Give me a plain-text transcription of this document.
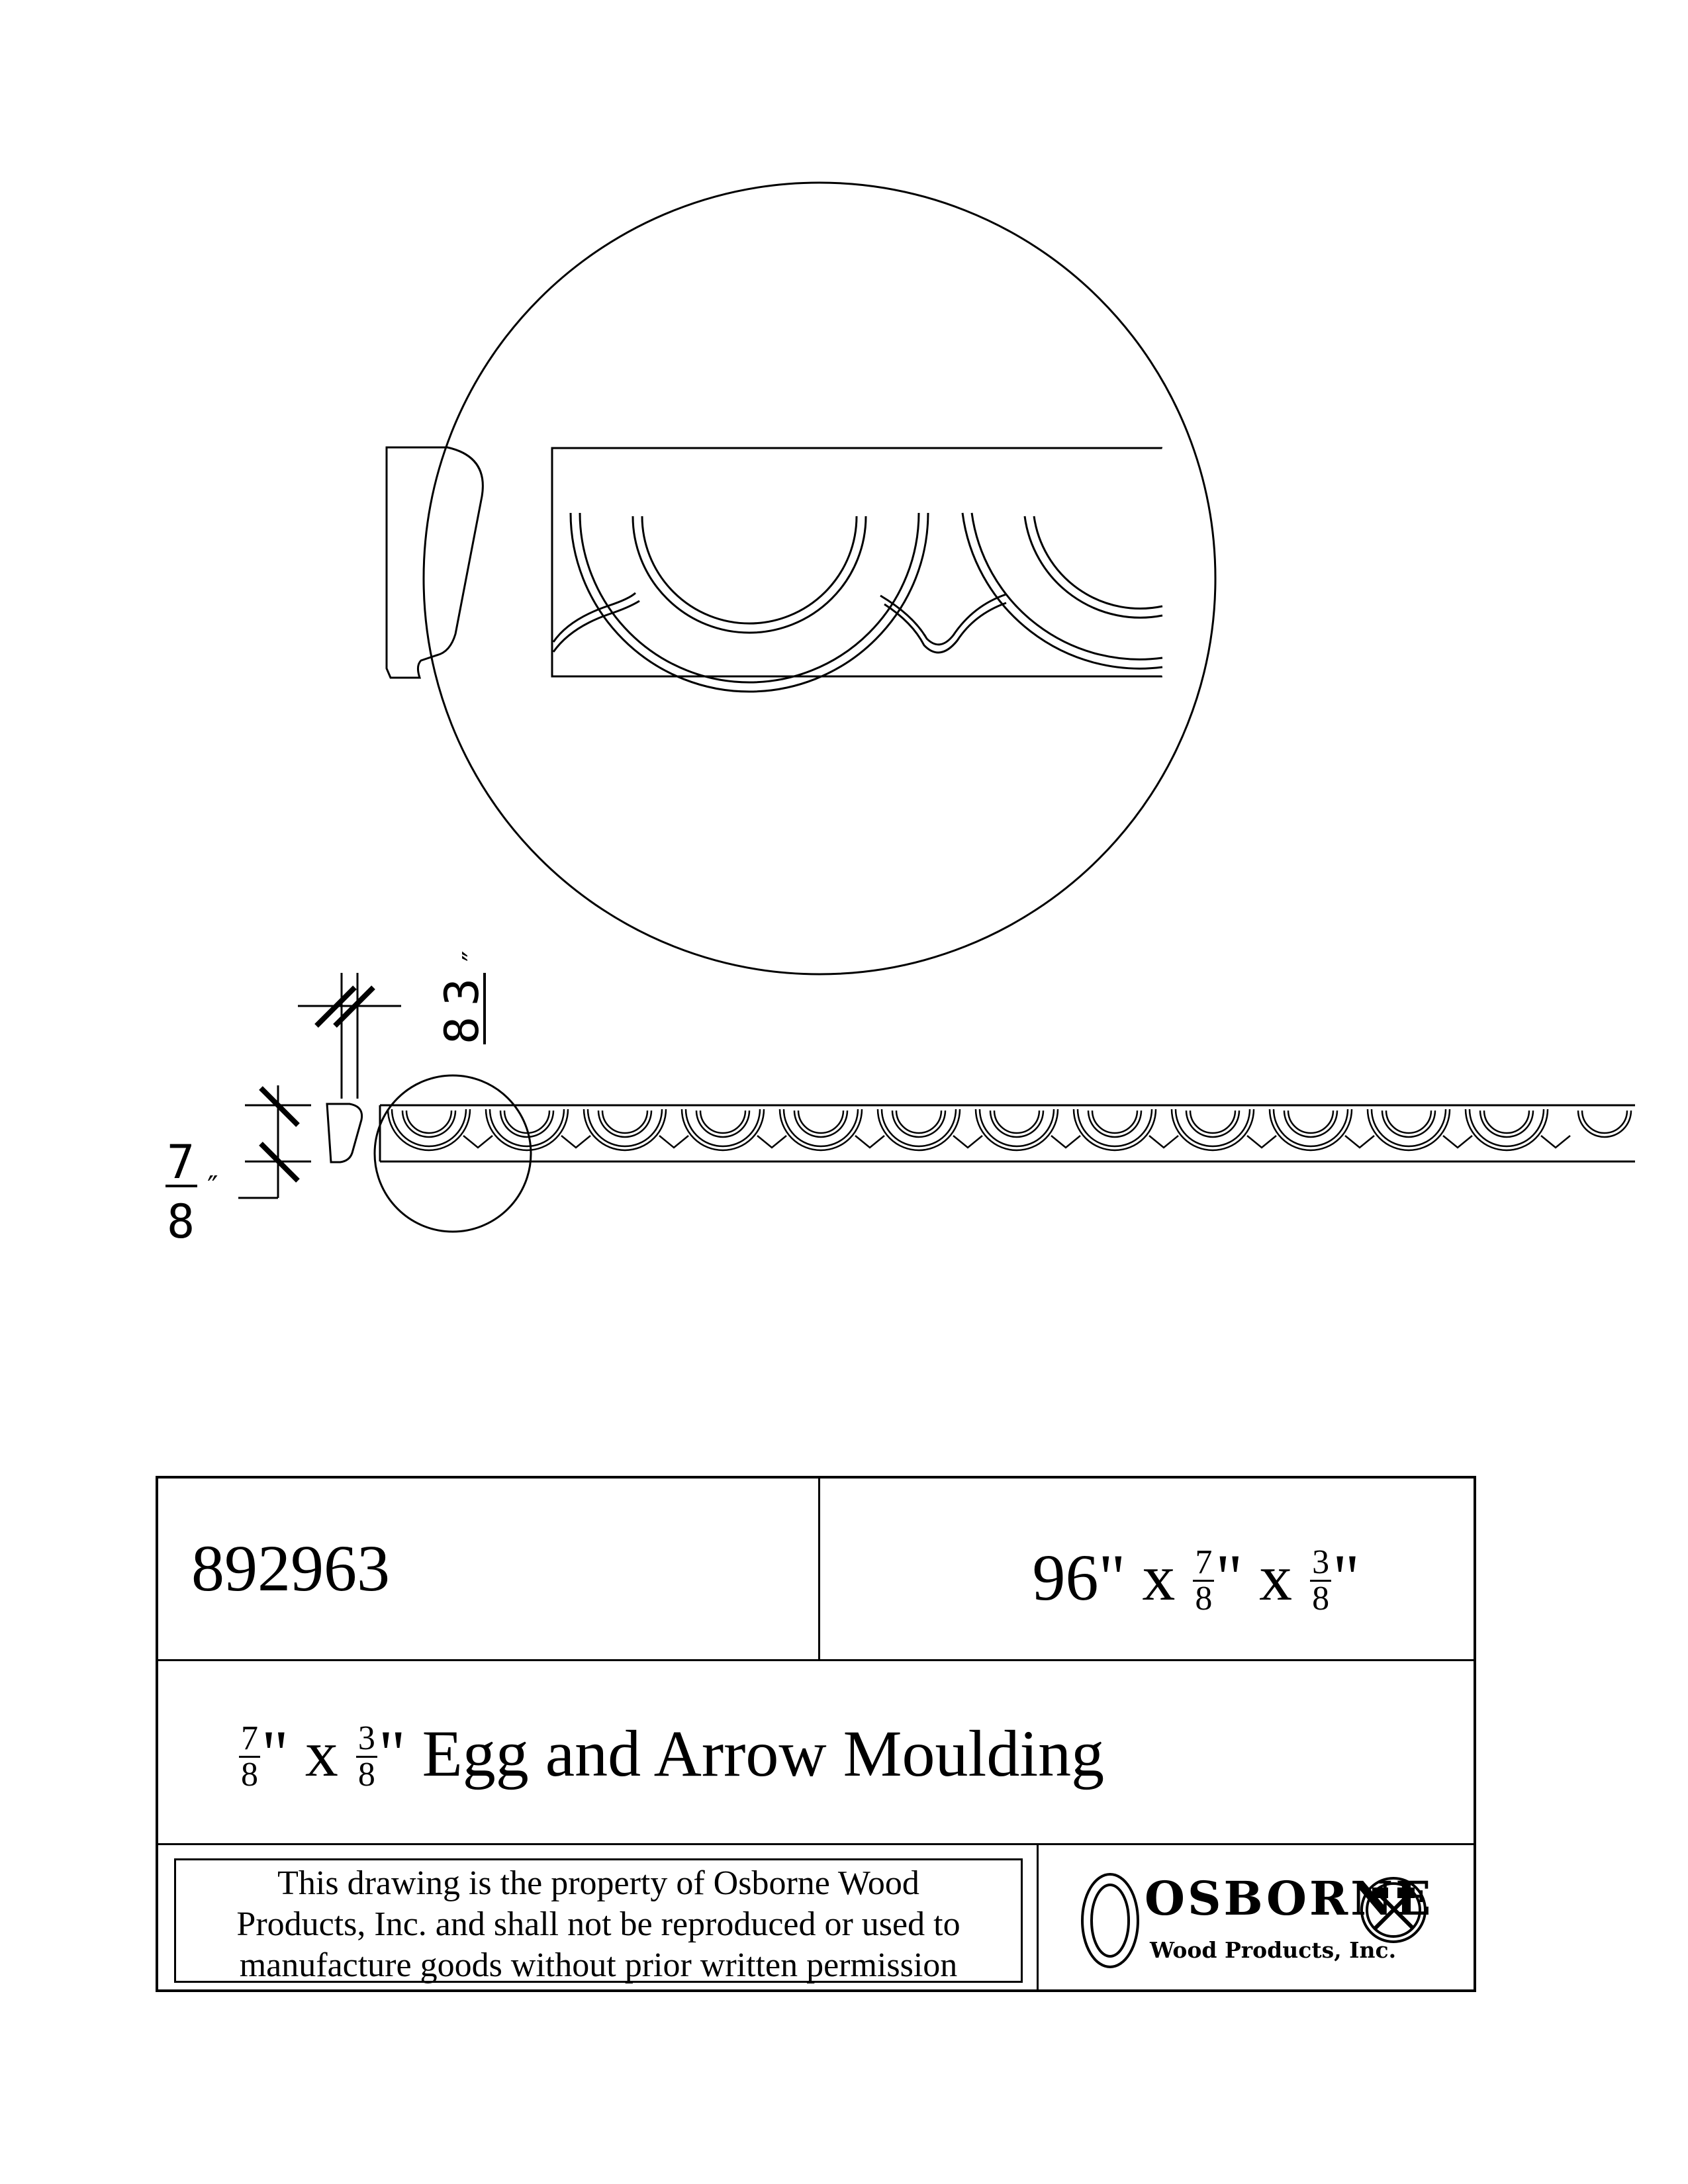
7
8
″
3
8
″
892963	96" x $\frac{7}{8}$ " x $\frac{3}{8}$ "
$\frac{7}{8}$ " x $\frac{3}{8}$ " Egg and Arrow Moulding
This drawing is the property of Osborne Wood
Products, Inc. and shall not be reproduced or used to
manufacture goods without prior written permission
OSBORNE
Wood Products, Inc.
